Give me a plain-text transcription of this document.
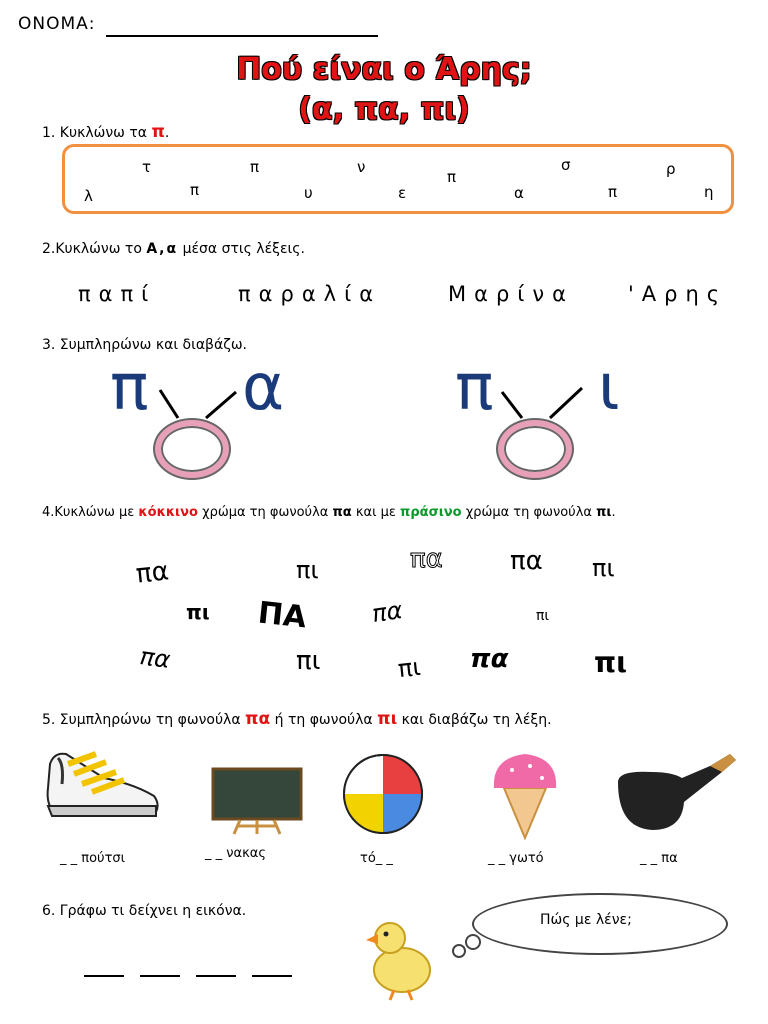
ΟΝΟΜΑ:
Πού είναι ο Άρης;
(α, πα, πι)
1. Κυκλώνω τα π.
τ	π	ν
π
σ	ρ
λ	π	υ	ε	α	π	η
2.Κυκλώνω το Α,α μέσα στις λέξεις.
παπί	παραλία	Μαρίνα	'Αρης
3. Συμπληρώνω και διαβάζω.
π α	π ι
4.Κυκλώνω με κόκκινο χρώμα τη φωνούλα πα και με πράσινο χρώμα τη φωνούλα πι.
πα	πι	πα	πα πι
πι ΠΑ	πα	πι
πα	πι	πι πα	πι
5. Συμπληρώνω τη φωνούλα πα ή τη φωνούλα πι και διαβάζω τη λέξη.
_ _ πούτσι	_ _ νακας	τό_ _	_ _ γωτό	_ _ πα
6. Γράφω τι δείχνει η εικόνα.
Πώς με λένε;
